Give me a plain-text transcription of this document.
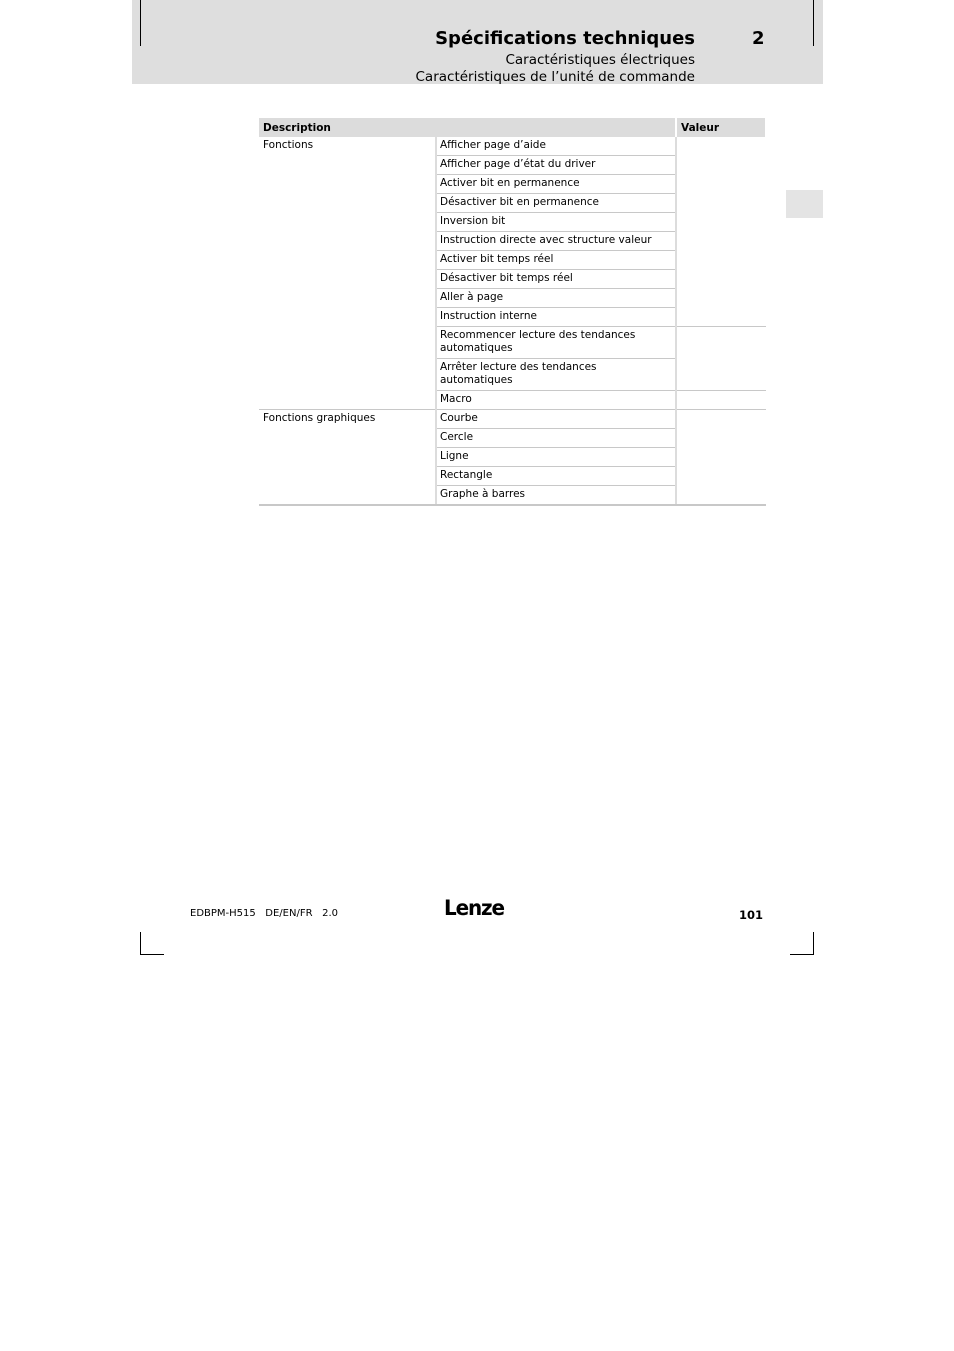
Spécifications techniques	2
Caractéristiques électriques
Caractéristiques de l’unité de commande
Description		Valeur
Fonctions	Afficher page d’aide	
	Afficher page d’état du driver	
	Activer bit en permanence	
	Désactiver bit en permanence	
	Inversion bit	
	Instruction directe avec structure valeur	
	Activer bit temps réel	
	Désactiver bit temps réel	
	Aller à page	
	Instruction interne	
	Recommencer lecture des tendances automatiques	
	Arrêter lecture des tendances automatiques	
	Macro	
Fonctions graphiques	Courbe	
	Cercle	
	Ligne	
	Rectangle	
	Graphe à barres	
EDBPM-H515   DE/EN/FR   2.0	Lenze	101
